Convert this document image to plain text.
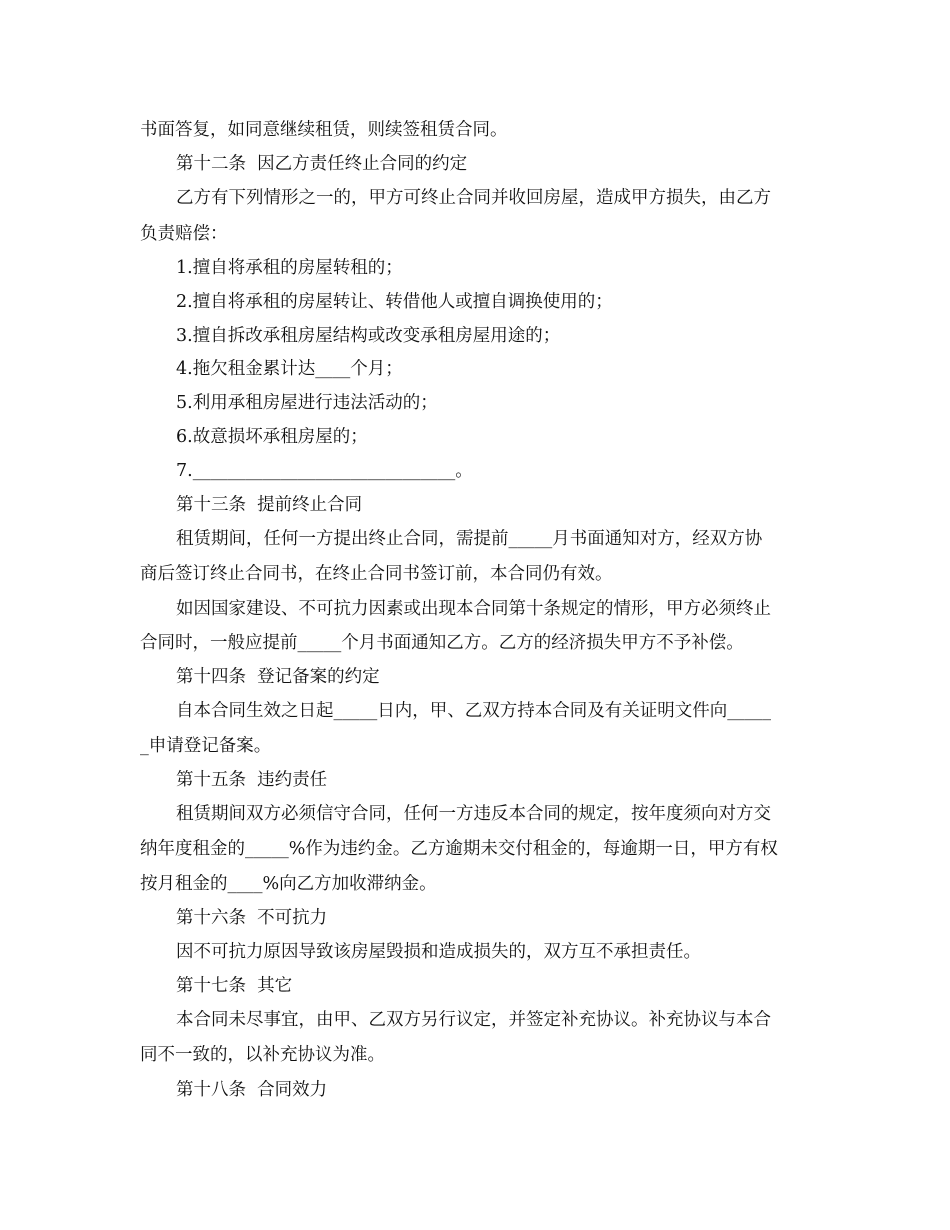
书面答复，如同意继续租赁，则续签租赁合同。
第十二条  因乙方责任终止合同的约定
乙方有下列情形之一的，甲方可终止合同并收回房屋，造成甲方损失，由乙方
负责赔偿：
1.擅自将承租的房屋转租的；
2.擅自将承租的房屋转让、转借他人或擅自调换使用的；
3.擅自拆改承租房屋结构或改变承租房屋用途的；
4.拖欠租金累计达____个月；
5.利用承租房屋进行违法活动的；
6.故意损坏承租房屋的；
7.______________________________。
第十三条  提前终止合同
租赁期间，任何一方提出终止合同，需提前_____月书面通知对方，经双方协
商后签订终止合同书，在终止合同书签订前，本合同仍有效。
如因国家建设、不可抗力因素或出现本合同第十条规定的情形，甲方必须终止
合同时，一般应提前_____个月书面通知乙方。乙方的经济损失甲方不予补偿。
第十四条  登记备案的约定
自本合同生效之日起_____日内，甲、乙双方持本合同及有关证明文件向_____
_申请登记备案。
第十五条  违约责任
租赁期间双方必须信守合同，任何一方违反本合同的规定，按年度须向对方交
纳年度租金的_____%作为违约金。乙方逾期未交付租金的，每逾期一日，甲方有权
按月租金的____%向乙方加收滞纳金。
第十六条  不可抗力
因不可抗力原因导致该房屋毁损和造成损失的，双方互不承担责任。
第十七条  其它
本合同未尽事宜，由甲、乙双方另行议定，并签定补充协议。补充协议与本合
同不一致的，以补充协议为准。
第十八条  合同效力
